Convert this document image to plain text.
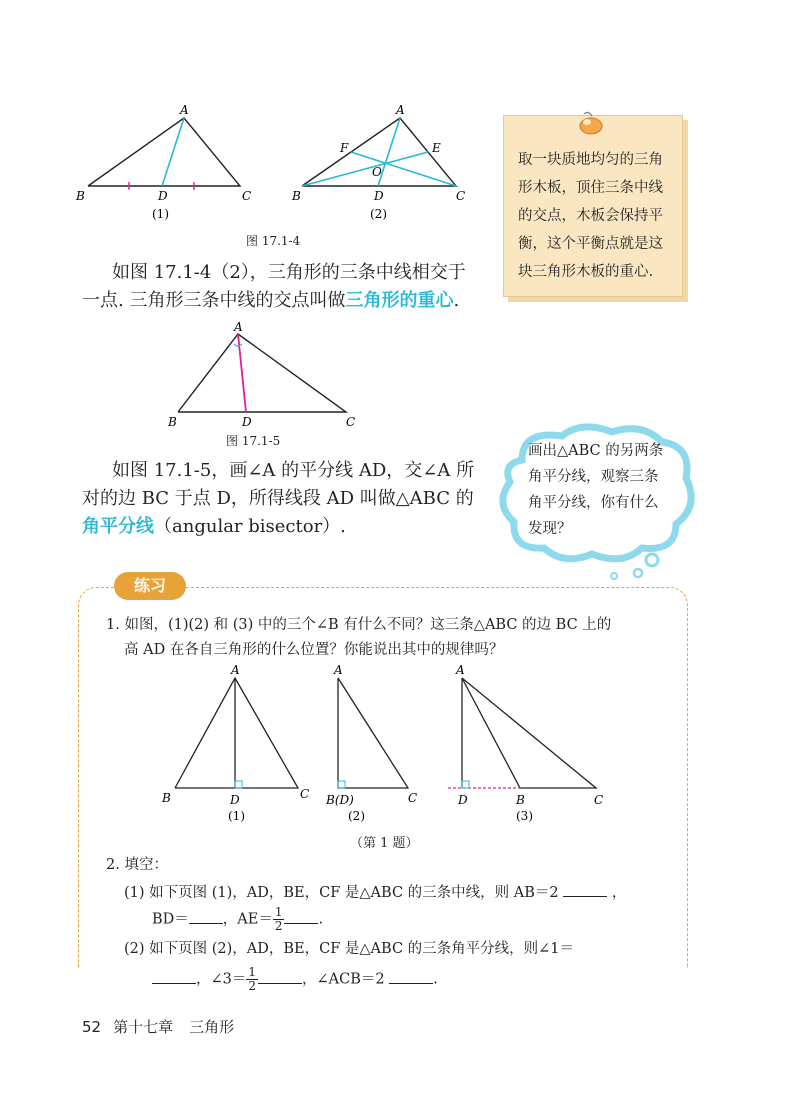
A
B	C
D
(1)
A
B	C
D
E
F
O
(2)
图 17.1-4
取一块质地均匀的三角形木板，顶住三条中线的交点，木板会保持平衡，这个平衡点就是这块三角形木板的重心.
如图 17.1-4（2），三角形的三条中线相交于
一点. 三角形三条中线的交点叫做三角形的重心.
A
B	C
D
图 17.1-5
如图 17.1-5，画∠A 的平分线 AD，交∠A 所
对的边 BC 于点 D，所得线段 AD 叫做△ABC 的
角平分线（angular bisector）.
画出△ABC 的另两条角平分线，观察三条角平分线，你有什么发现？
练习
1. 如图，(1)(2) 和 (3) 中的三个∠B 有什么不同？这三条△ABC 的边 BC 上的
高 AD 在各自三角形的什么位置？你能说出其中的规律吗？
A
B	D	C
(1)
A
B(D)	C
(2)
A
D	B	C
(3)
（第 1 题）
2. 填空：
(1) 如下页图 (1)，AD，BE，CF 是△ABC 的三条中线，则 AB＝2	，
BD＝ ，$AE= \frac{1}{2}$ .
(2) 如下页图 (2)，AD，BE，CF 是△ABC 的三条角平分线，则∠1＝
，∠3＝ $\frac{1}{2}$	，∠ACB＝2	.
52 第十七章 三角形
